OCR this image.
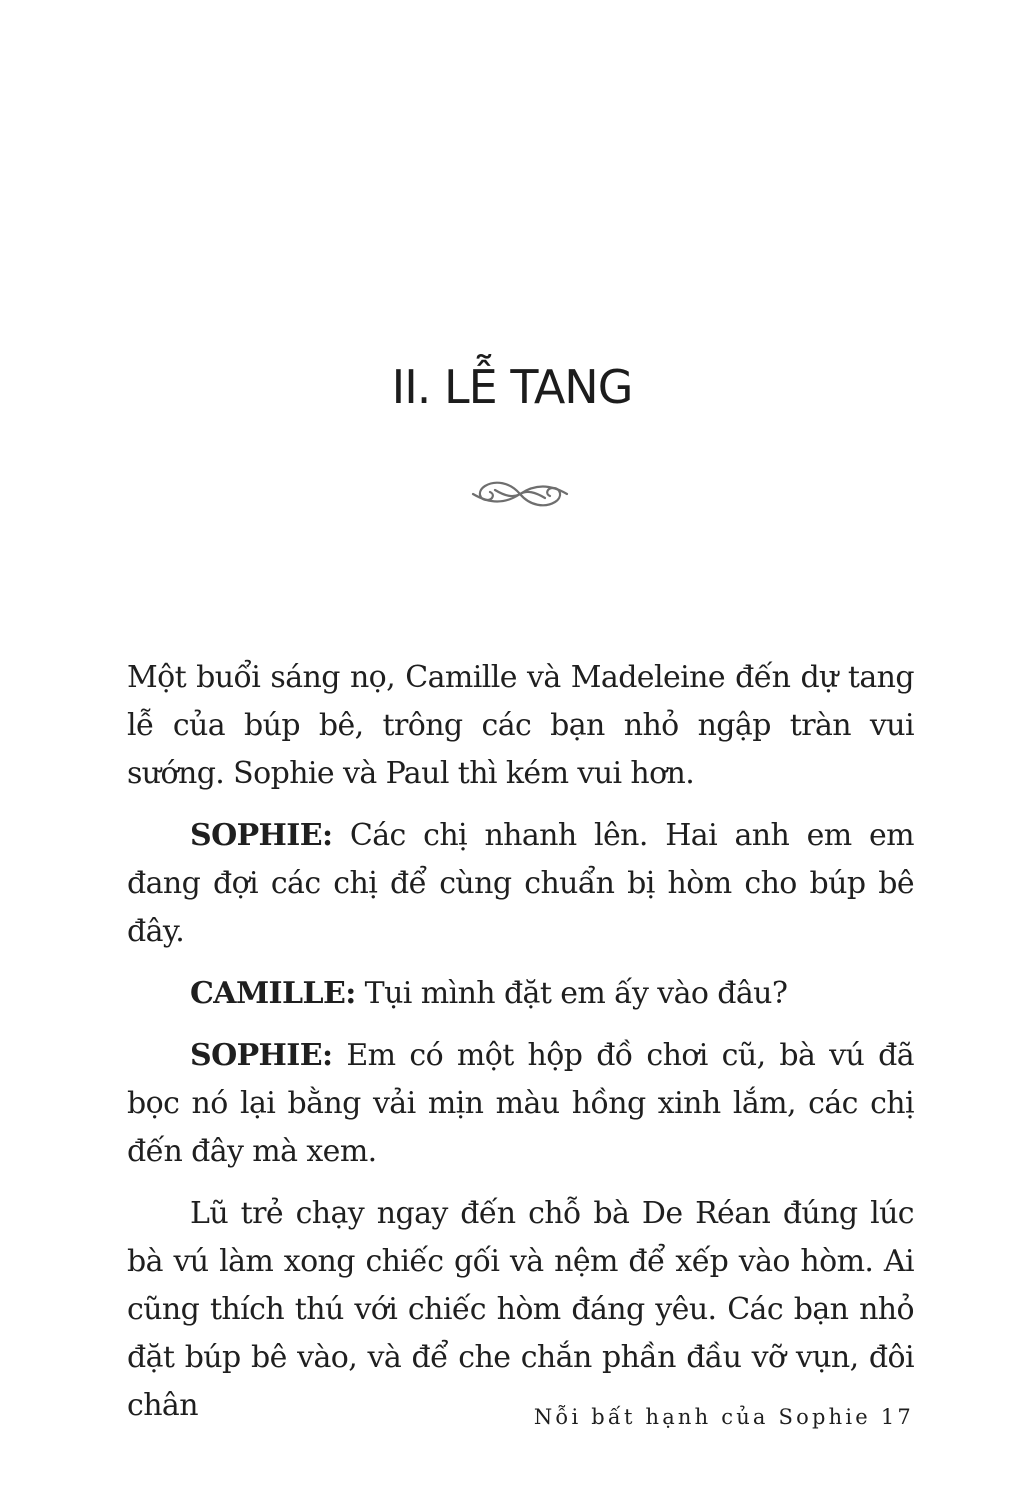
II. LỄ TANG

Một buổi sáng nọ, Camille và Madeleine đến dự tang lễ của búp bê, trông các bạn nhỏ ngập tràn vui sướng. Sophie và Paul thì kém vui hơn.

SOPHIE: Các chị nhanh lên. Hai anh em em đang đợi các chị để cùng chuẩn bị hòm cho búp bê đây.

CAMILLE: Tụi mình đặt em ấy vào đâu?

SOPHIE: Em có một hộp đồ chơi cũ, bà vú đã bọc nó lại bằng vải mịn màu hồng xinh lắm, các chị đến đây mà xem.

Lũ trẻ chạy ngay đến chỗ bà De Réan đúng lúc bà vú làm xong chiếc gối và nệm để xếp vào hòm. Ai cũng thích thú với chiếc hòm đáng yêu. Các bạn nhỏ đặt búp bê vào, và để che chắn phần đầu vỡ vụn, đôi chân	Nỗi bất hạnh của Sophie 17
